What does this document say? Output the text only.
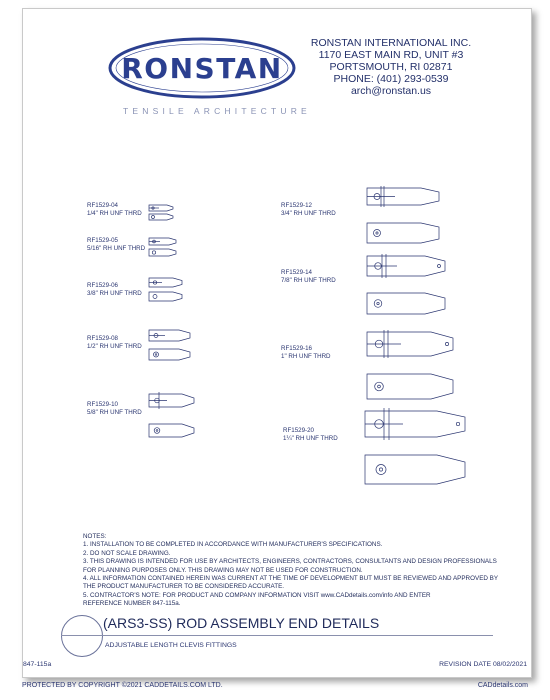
RONSTAN
TENSILE ARCHITECTURE
RONSTAN INTERNATIONAL INC.
1170 EAST MAIN RD, UNIT #3
PORTSMOUTH, RI 02871
PHONE: (401) 293-0539
arch@ronstan.us
RF1529-04
1/4" RH UNF THRD
RF1529-05
5/16" RH UNF THRD
RF1529-06
3/8" RH UNF THRD
RF1529-08
1/2" RH UNF THRD
RF1529-10
5/8" RH UNF THRD
RF1529-12
3/4" RH UNF THRD
RF1529-14
7/8" RH UNF THRD
RF1529-16
1" RH UNF THRD
RF1529-20
1¼" RH UNF THRD
NOTES:
1. INSTALLATION TO BE COMPLETED IN ACCORDANCE WITH MANUFACTURER'S SPECIFICATIONS.
2. DO NOT SCALE DRAWING.
3. THIS DRAWING IS INTENDED FOR USE BY ARCHITECTS, ENGINEERS, CONTRACTORS, CONSULTANTS AND DESIGN PROFESSIONALS
FOR PLANNING PURPOSES ONLY. THIS DRAWING MAY NOT BE USED FOR CONSTRUCTION.
4. ALL INFORMATION CONTAINED HEREIN WAS CURRENT AT THE TIME OF DEVELOPMENT BUT MUST BE REVIEWED AND APPROVED BY
THE PRODUCT MANUFACTURER TO BE CONSIDERED ACCURATE.
5. CONTRACTOR'S NOTE: FOR PRODUCT AND COMPANY INFORMATION VISIT www.CADdetails.com/info AND ENTER
REFERENCE NUMBER 847-115a.
(ARS3-SS) ROD ASSEMBLY END DETAILS
ADJUSTABLE LENGTH CLEVIS FITTINGS
847-115a	REVISION DATE 08/02/2021
PROTECTED BY COPYRIGHT ©2021 CADDETAILS.COM LTD.	CADdetails.com
